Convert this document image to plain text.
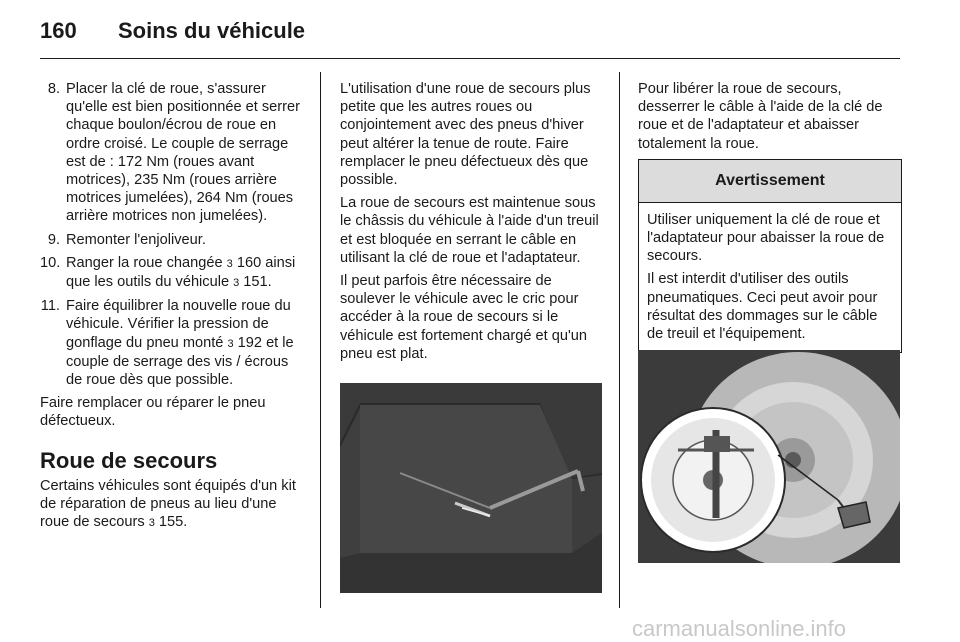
160 Soins du véhicule
8. Placer la clé de roue, s'assurer qu'elle est bien positionnée et serrer chaque boulon/écrou de roue en ordre croisé. Le couple de serrage est de : 172 Nm (roues avant motrices), 235 Nm (roues arrière motrices jumelées), 264 Nm (roues arrière motrices non jumelées).
9. Remonter l'enjoliveur.
10. Ranger la roue changée 3 160 ainsi que les outils du véhicule 3 151.
11. Faire équilibrer la nouvelle roue du véhicule. Vérifier la pression de gonflage du pneu monté 3 192 et le couple de serrage des vis / écrous de roue dès que possible.

Faire remplacer ou réparer le pneu défectueux.

Roue de secours

Certains véhicules sont équipés d'un kit de réparation de pneus au lieu d'une roue de secours 3 155.

L'utilisation d'une roue de secours plus petite que les autres roues ou conjointement avec des pneus d'hiver peut altérer la tenue de route. Faire remplacer le pneu défectueux dès que possible.

La roue de secours est maintenue sous le châssis du véhicule à l'aide d'un treuil et est bloquée en serrant le câble en utilisant la clé de roue et l'adaptateur.

Il peut parfois être nécessaire de soulever le véhicule avec le cric pour accéder à la roue de secours si le véhicule est fortement chargé et qu'un pneu est plat.

Pour libérer la roue de secours, desserrer le câble à l'aide de la clé de roue et de l'adaptateur et abaisser totalement la roue.

Avertissement

Utiliser uniquement la clé de roue et l'adaptateur pour abaisser la roue de secours.

Il est interdit d'utiliser des outils pneumatiques. Ceci peut avoir pour résultat des dommages sur le câble de treuil et l'équipement.

carmanualsonline.info
